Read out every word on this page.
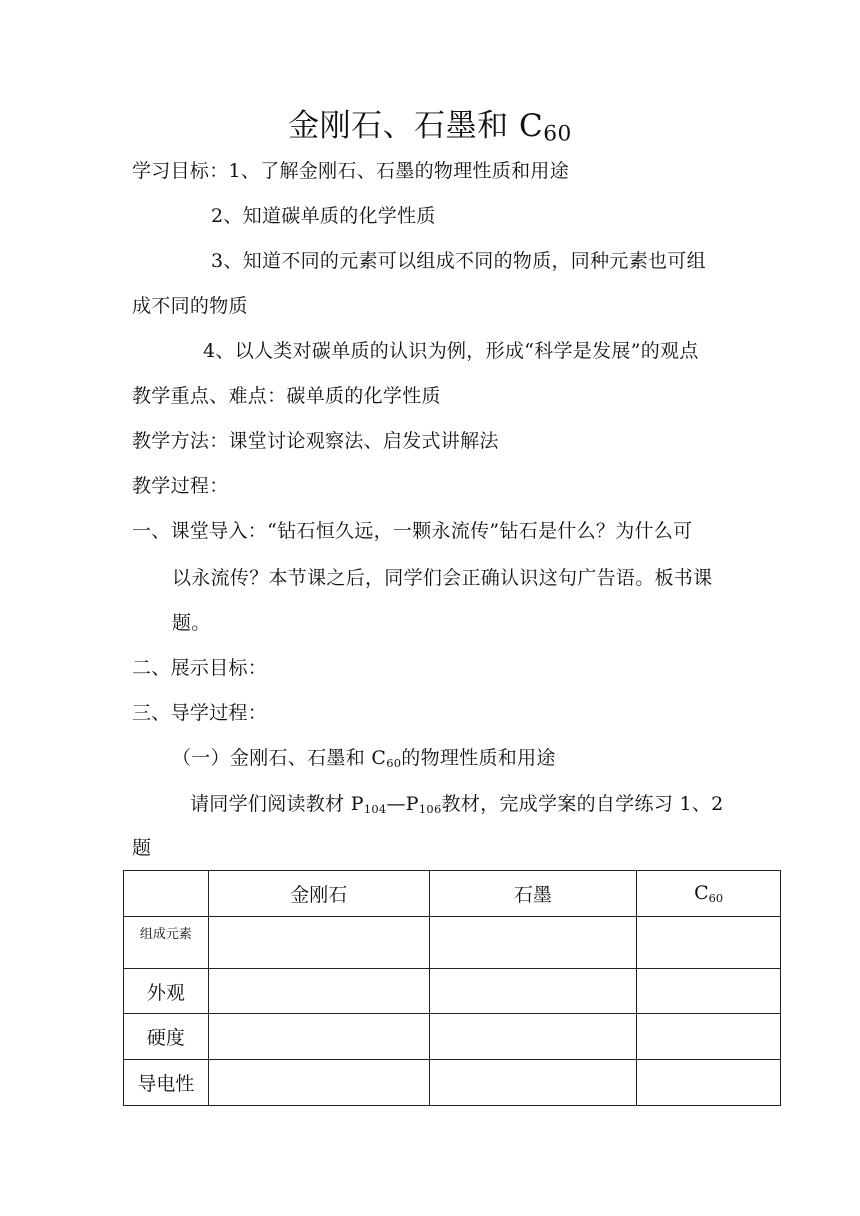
金刚石、石墨和 $C_{60}$
学习目标：1、了解金刚石、石墨的物理性质和用途
2、知道碳单质的化学性质
3、知道不同的元素可以组成不同的物质，同种元素也可组
成不同的物质
4、以人类对碳单质的认识为例，形成“科学是发展”的观点
教学重点、难点：碳单质的化学性质
教学方法：课堂讨论观察法、启发式讲解法
教学过程：
一、课堂导入：“钻石恒久远，一颗永流传”钻石是什么？为什么可
以永流传？本节课之后，同学们会正确认识这句广告语。板书课
题。
二、展示目标：
三、导学过程：
（一）金刚石、石墨和 $C_{60}$的物理性质和用途
请同学们阅读教材 $P_{104}—P_{106}$教材，完成学案的自学练习 1、2
题
	金刚石	石墨	$C_{60}$
组成元素			
外观			
硬度			
导电性			
